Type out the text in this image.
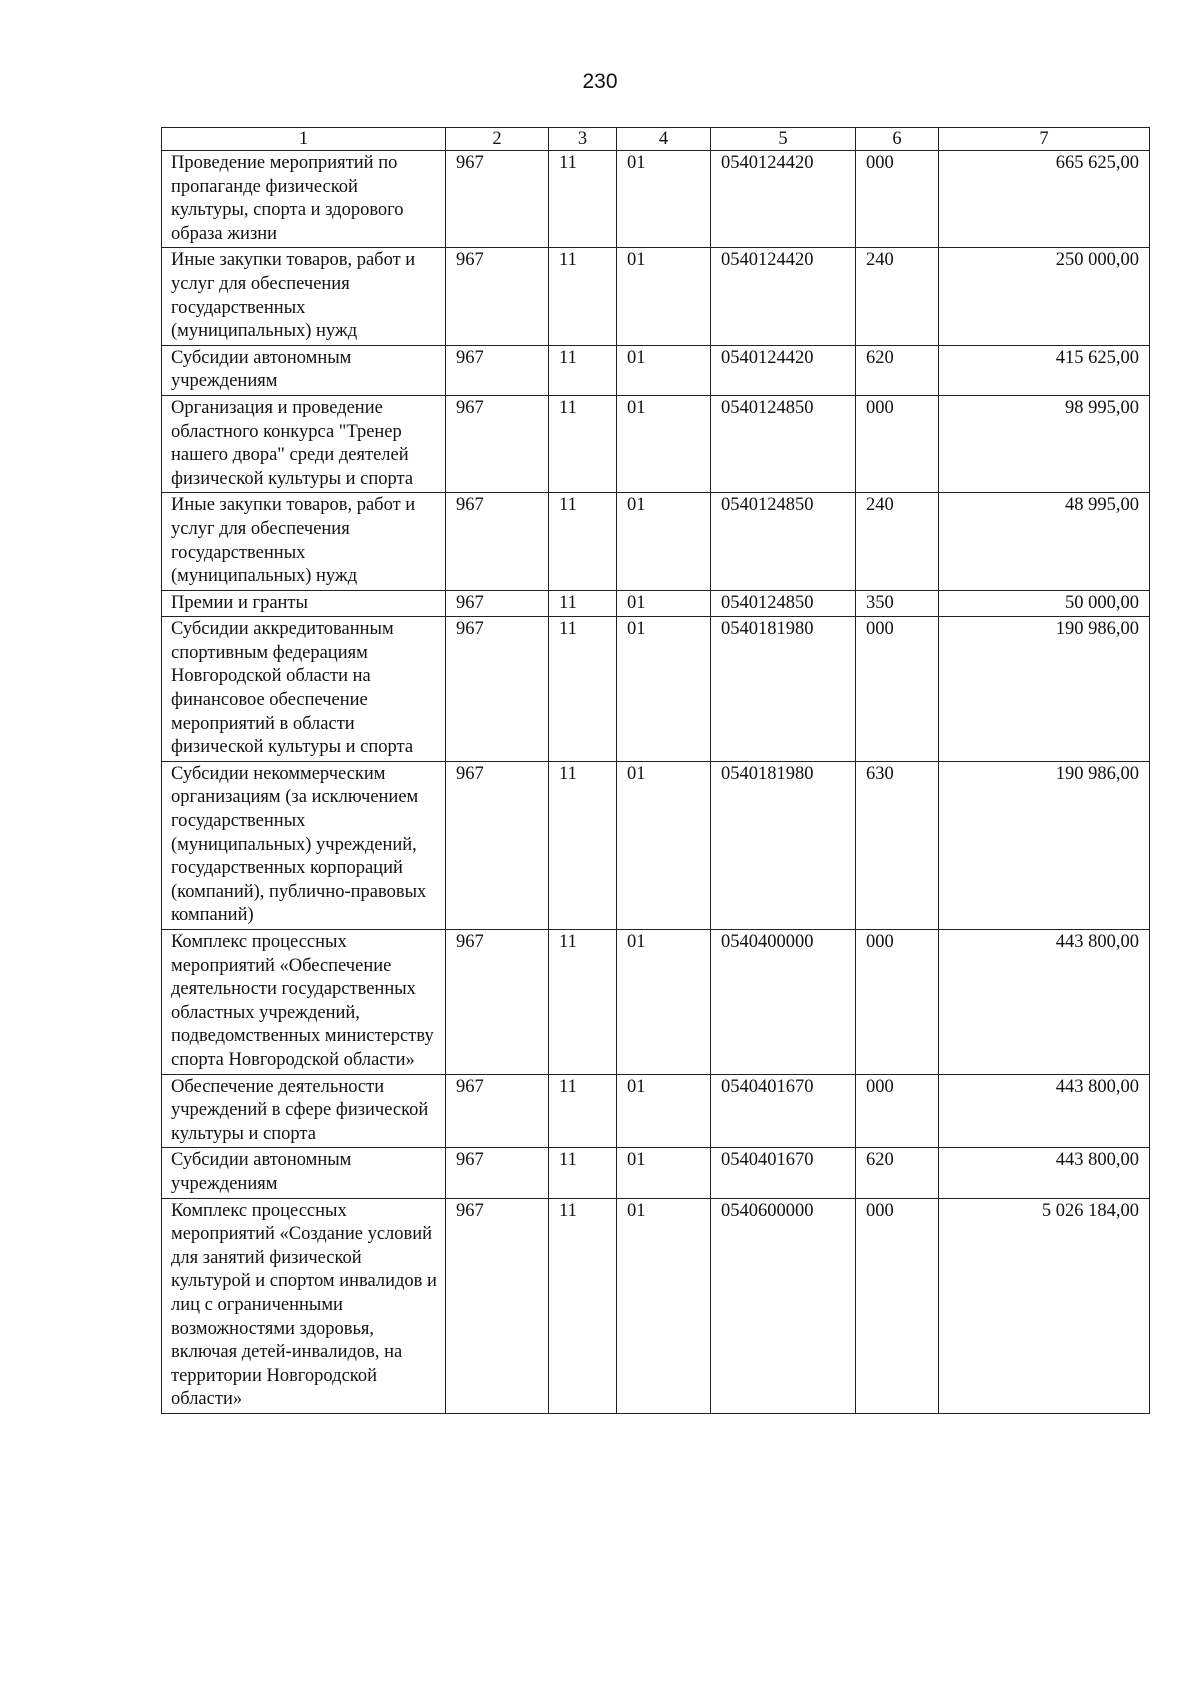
230
1	2	3	4	5	6	7
Проведение мероприятий по пропаганде физической культуры, спорта и здорового образа жизни	967	11	01	0540124420	000	665 625,00
Иные закупки товаров, работ и услуг для обеспечения государственных (муниципальных) нужд	967	11	01	0540124420	240	250 000,00
Субсидии автономным учреждениям	967	11	01	0540124420	620	415 625,00
Организация и проведение областного конкурса "Тренер нашего двора" среди деятелей физической культуры и спорта	967	11	01	0540124850	000	98 995,00
Иные закупки товаров, работ и услуг для обеспечения государственных (муниципальных) нужд	967	11	01	0540124850	240	48 995,00
Премии и гранты	967	11	01	0540124850	350	50 000,00
Субсидии аккредитованным спортивным федерациям Новгородской области на финансовое обеспечение мероприятий в области физической культуры и спорта	967	11	01	0540181980	000	190 986,00
Субсидии некоммерческим организациям (за исключением государственных (муниципальных) учреждений, государственных корпораций (компаний), публично-правовых компаний)	967	11	01	0540181980	630	190 986,00
Комплекс процессных мероприятий «Обеспечение деятельности государственных областных учреждений, подведомственных министерству спорта Новгородской области»	967	11	01	0540400000	000	443 800,00
Обеспечение деятельности учреждений в сфере физической культуры и спорта	967	11	01	0540401670	000	443 800,00
Субсидии автономным учреждениям	967	11	01	0540401670	620	443 800,00
Комплекс процессных мероприятий «Создание условий для занятий физической культурой и спортом инвалидов и лиц с ограниченными возможностями здоровья, включая детей-инвалидов, на территории Новгородской области»	967	11	01	0540600000	000	5 026 184,00
